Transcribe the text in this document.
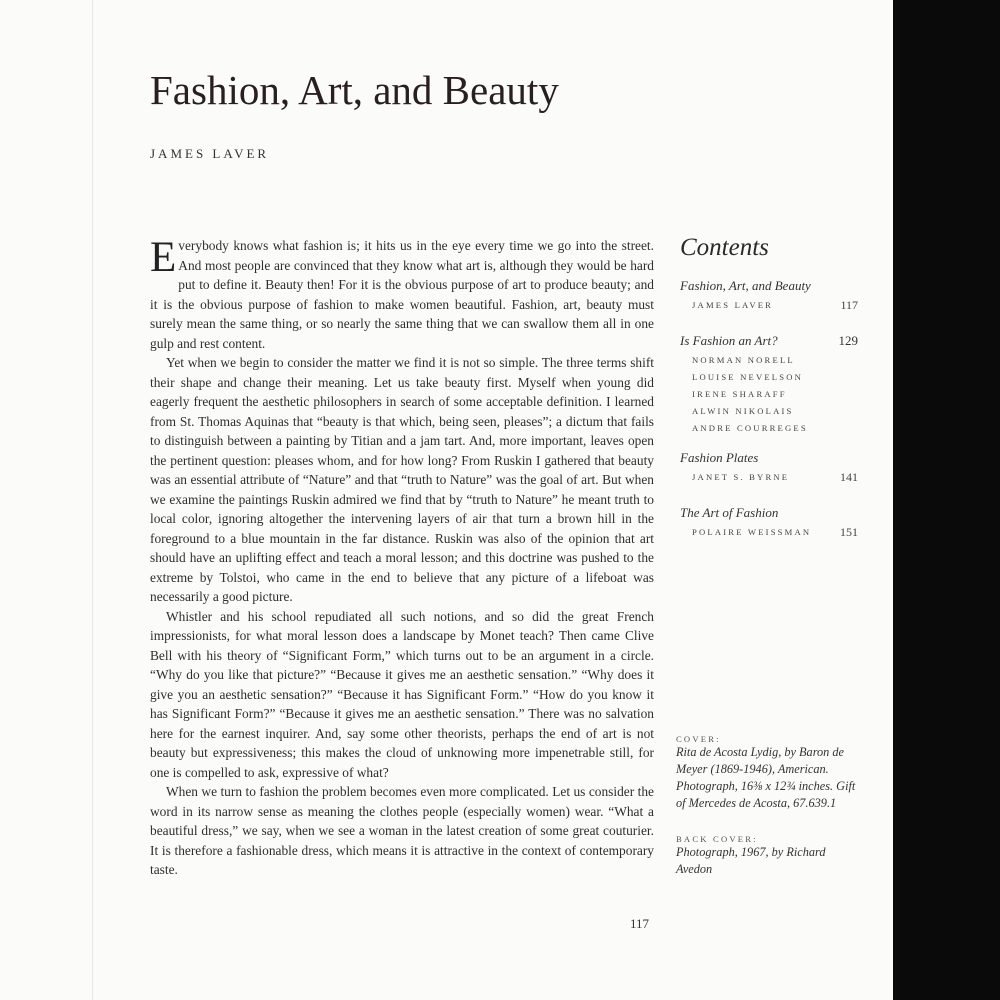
Fashion, Art, and Beauty
JAMES LAVER

Everybody knows what fashion is; it hits us in the eye every time we go into the street. And most people are convinced that they know what art is, although they would be hard put to define it. Beauty then! For it is the obvious purpose of art to produce beauty; and it is the obvious purpose of fashion to make women beautiful. Fashion, art, beauty must surely mean the same thing, or so nearly the same thing that we can swallow them all in one gulp and rest content.

Yet when we begin to consider the matter we find it is not so simple. The three terms shift their shape and change their meaning. Let us take beauty first. Myself when young did eagerly frequent the aesthetic philosophers in search of some acceptable definition. I learned from St. Thomas Aquinas that “beauty is that which, being seen, pleases”; a dictum that fails to distinguish between a painting by Titian and a jam tart. And, more important, leaves open the pertinent question: pleases whom, and for how long? From Ruskin I gathered that beauty was an essential attribute of “Nature” and that “truth to Nature” was the goal of art. But when we examine the paintings Ruskin admired we find that by “truth to Nature” he meant truth to local color, ignoring altogether the intervening layers of air that turn a brown hill in the foreground to a blue mountain in the far distance. Ruskin was also of the opinion that art should have an uplifting effect and teach a moral lesson; and this doctrine was pushed to the extreme by Tolstoi, who came in the end to believe that any picture of a lifeboat was necessarily a good picture.

Whistler and his school repudiated all such notions, and so did the great French impressionists, for what moral lesson does a landscape by Monet teach? Then came Clive Bell with his theory of “Significant Form,” which turns out to be an argument in a circle. “Why do you like that picture?” “Because it gives me an aesthetic sensation.” “Why does it give you an aesthetic sensation?” “Because it has Significant Form.” “How do you know it has Significant Form?” “Because it gives me an aesthetic sensation.” There was no salvation here for the earnest inquirer. And, say some other theorists, perhaps the end of art is not beauty but expressiveness; this makes the cloud of unknowing more impenetrable still, for one is compelled to ask, expressive of what?

When we turn to fashion the problem becomes even more complicated. Let us consider the word in its narrow sense as meaning the clothes people (especially women) wear. “What a beautiful dress,” we say, when we see a woman in the latest creation of some great couturier. It is therefore a fashionable dress, which means it is attractive in the context of contemporary taste.

Contents
Fashion, Art, and Beauty
JAMES LAVER	117
Is Fashion an Art?	129
NORMAN NORELL
LOUISE NEVELSON
IRENE SHARAFF
ALWIN NIKOLAIS
ANDRE COURREGES
Fashion Plates
JANET S. BYRNE	141
The Art of Fashion
POLAIRE WEISSMAN 151
COVER:
Rita de Acosta Lydig, by Baron de Meyer (1869-1946), American. Photograph, 16⅜ x 12¾ inches. Gift of Mercedes de Acosta, 67.639.1
BACK COVER:
Photograph, 1967, by Richard Avedon
117
